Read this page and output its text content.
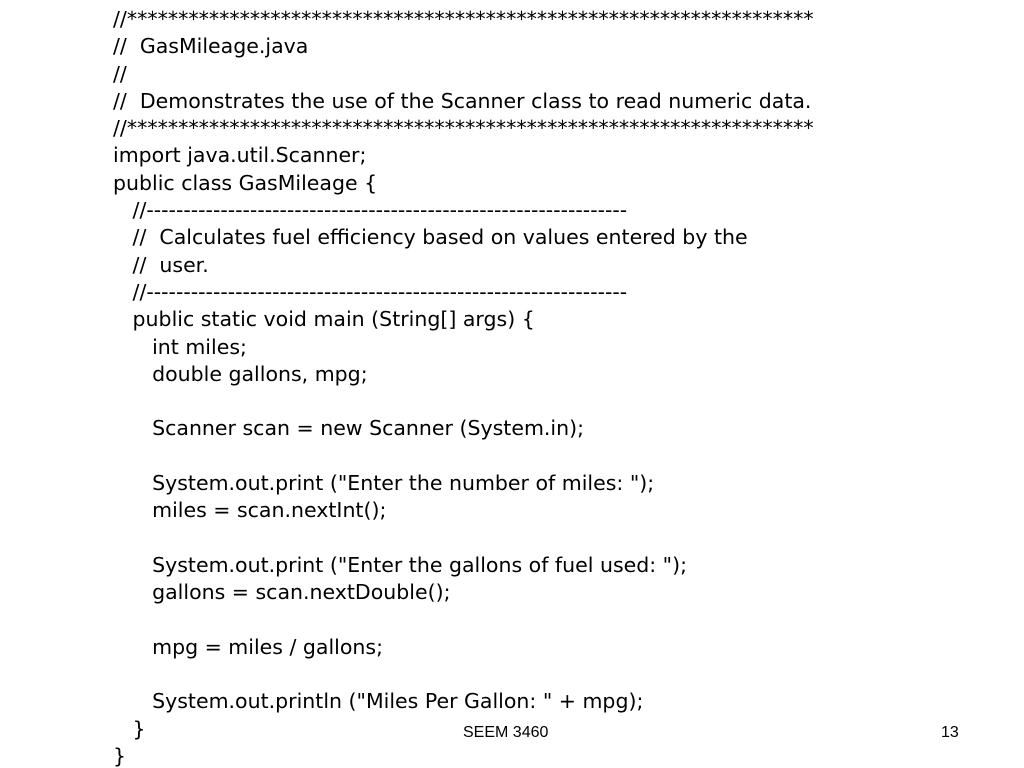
//*******************************************************************
//  GasMileage.java
//
//  Demonstrates the use of the Scanner class to read numeric data.
//*******************************************************************
import java.util.Scanner;
public class GasMileage {
//-----------------------------------------------------------------
//  Calculates fuel efficiency based on values entered by the
//  user.
//-----------------------------------------------------------------
public static void main (String[] args) {
int miles;
double gallons, mpg;
Scanner scan = new Scanner (System.in);
System.out.print ("Enter the number of miles: ");
miles = scan.nextInt();
System.out.print ("Enter the gallons of fuel used: ");
gallons = scan.nextDouble();
mpg = miles / gallons;
System.out.println ("Miles Per Gallon: " + mpg);
}
}
SEEM 3460	13
